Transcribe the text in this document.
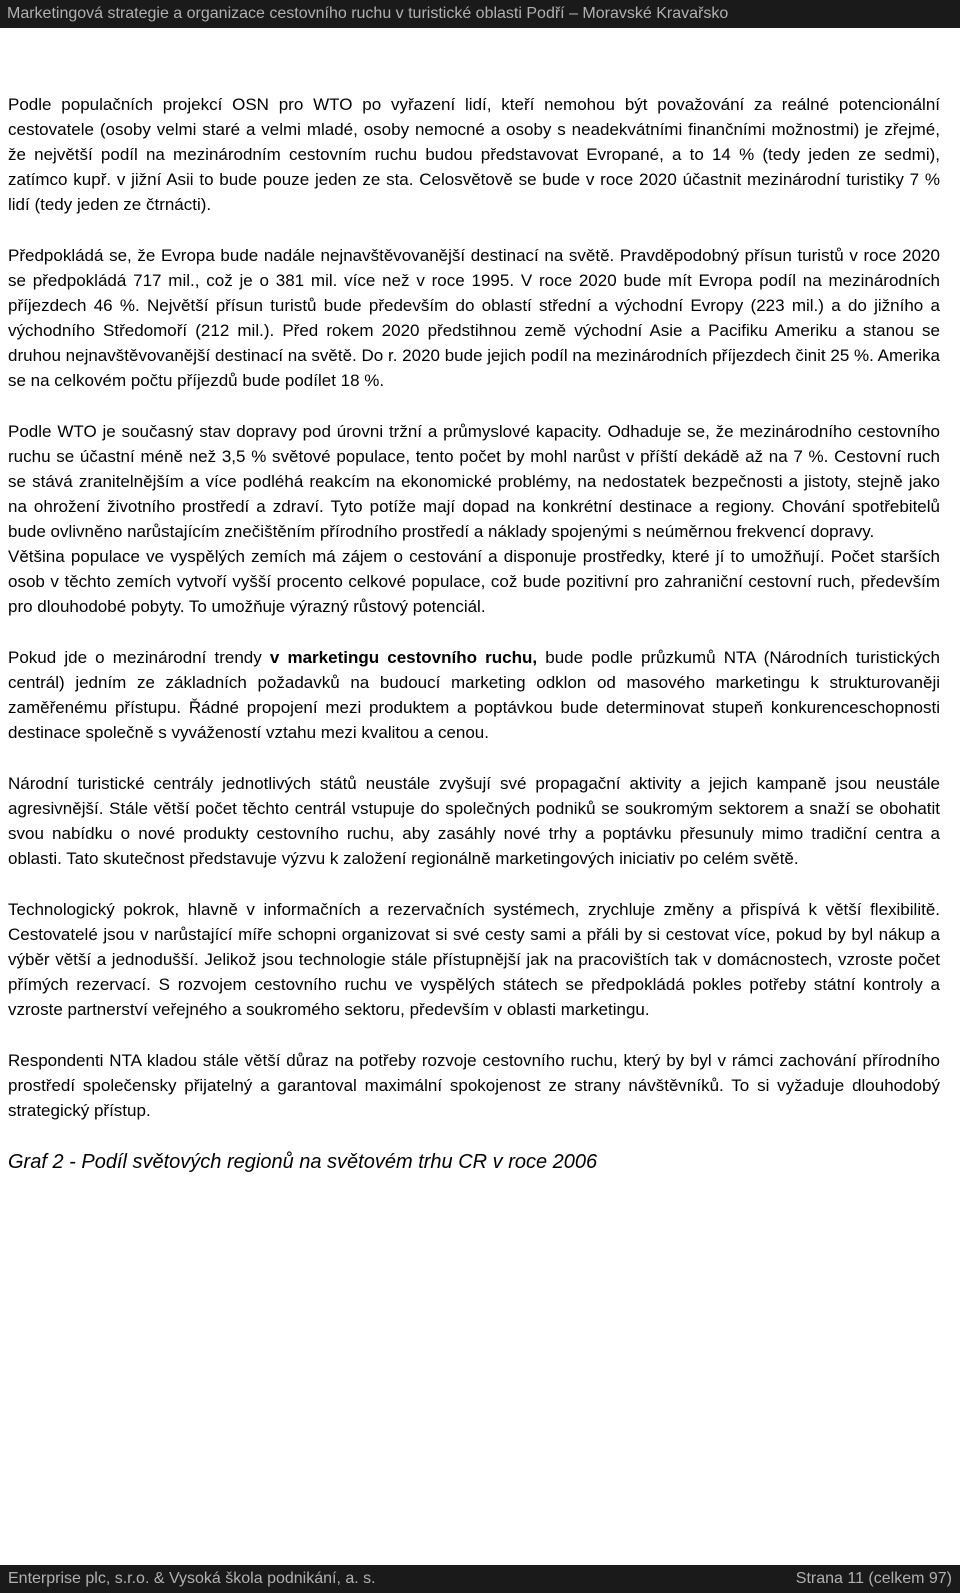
Marketingová strategie a organizace cestovního ruchu v turistické oblasti Podří – Moravské Kravařsko

Podle populačních projekcí OSN pro WTO po vyřazení lidí, kteří nemohou být považování za reálné potencionální cestovatele (osoby velmi staré a velmi mladé, osoby nemocné a osoby s neadekvátními finančními možnostmi) je zřejmé, že největší podíl na mezinárodním cestovním ruchu budou představovat Evropané, a to 14 % (tedy jeden ze sedmi), zatímco kupř. v jižní Asii to bude pouze jeden ze sta. Celosvětově se bude v roce 2020 účastnit mezinárodní turistiky 7 % lidí (tedy jeden ze čtrnácti).

Předpokládá se, že Evropa bude nadále nejnavštěvovanější destinací na světě. Pravděpodobný přísun turistů v roce 2020 se předpokládá 717 mil., což je o 381 mil. více než v roce 1995. V roce 2020 bude mít Evropa podíl na mezinárodních příjezdech 46 %. Největší přísun turistů bude především do oblastí střední a východní Evropy (223 mil.) a do jižního a východního Středomoří (212 mil.). Před rokem 2020 předstihnou země východní Asie a Pacifiku Ameriku a stanou se druhou nejnavštěvovanější destinací na světě. Do r. 2020 bude jejich podíl na mezinárodních příjezdech činit 25 %. Amerika se na celkovém počtu příjezdů bude podílet 18 %.

Podle WTO je současný stav dopravy pod úrovni tržní a průmyslové kapacity. Odhaduje se, že mezinárodního cestovního ruchu se účastní méně než 3,5 % světové populace, tento počet by mohl narůst v příští dekádě až na 7 %. Cestovní ruch se stává zranitelnějším a více podléhá reakcím na ekonomické problémy, na nedostatek bezpečnosti a jistoty, stejně jako na ohrožení životního prostředí a zdraví. Tyto potíže mají dopad na konkrétní destinace a regiony. Chování spotřebitelů bude ovlivněno narůstajícím znečištěním přírodního prostředí a náklady spojenými s neúměrnou frekvencí dopravy.

Většina populace ve vyspělých zemích má zájem o cestování a disponuje prostředky, které jí to umožňují. Počet starších osob v těchto zemích vytvoří vyšší procento celkové populace, což bude pozitivní pro zahraniční cestovní ruch, především pro dlouhodobé pobyty. To umožňuje výrazný růstový potenciál.

Pokud jde o mezinárodní trendy v marketingu cestovního ruchu, bude podle průzkumů NTA (Národních turistických centrál) jedním ze základních požadavků na budoucí marketing odklon od masového marketingu k strukturovaněji zaměřenému přístupu. Řádné propojení mezi produktem a poptávkou bude determinovat stupeň konkurenceschopnosti destinace společně s vyvážeností vztahu mezi kvalitou a cenou.

Národní turistické centrály jednotlivých států neustále zvyšují své propagační aktivity a jejich kampaně jsou neustále agresivnější. Stále větší počet těchto centrál vstupuje do společných podniků se soukromým sektorem a snaží se obohatit svou nabídku o nové produkty cestovního ruchu, aby zasáhly nové trhy a poptávku přesunuly mimo tradiční centra a oblasti. Tato skutečnost představuje výzvu k založení regionálně marketingových iniciativ po celém světě.

Technologický pokrok, hlavně v informačních a rezervačních systémech, zrychluje změny a přispívá k větší flexibilitě. Cestovatelé jsou v narůstající míře schopni organizovat si své cesty sami a přáli by si cestovat více, pokud by byl nákup a výběr větší a jednodušší. Jelikož jsou technologie stále přístupnější jak na pracovištích tak v domácnostech, vzroste počet přímých rezervací. S rozvojem cestovního ruchu ve vyspělých státech se předpokládá pokles potřeby státní kontroly a vzroste partnerství veřejného a soukromého sektoru, především v oblasti marketingu.

Respondenti NTA kladou stále větší důraz na potřeby rozvoje cestovního ruchu, který by byl v rámci zachování přírodního prostředí společensky přijatelný a garantoval maximální spokojenost ze strany návštěvníků. To si vyžaduje dlouhodobý strategický přístup.

Graf 2 - Podíl světových regionů na světovém trhu CR v roce 2006

Enterprise plc, s.r.o. & Vysoká škola podnikání, a. s.	Strana 11 (celkem 97)
